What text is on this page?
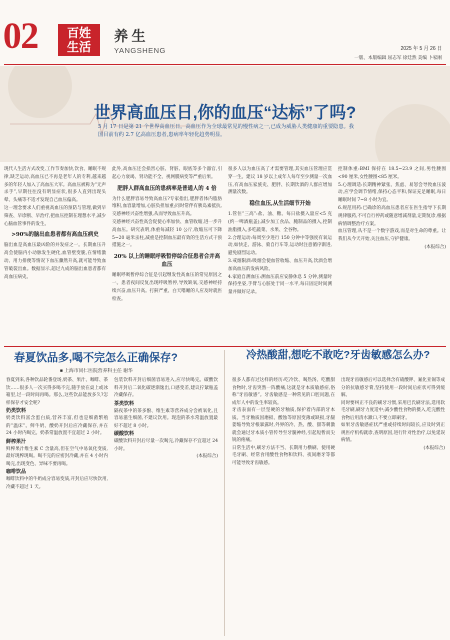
02	百姓
生活
养 生
YANGSHENG	2025 年 5 月 26 日
一版、本版编辑 屈志军 徐廷然 美编 卜家刚
世界高血压日,你的血压“达标”了吗?
5 月 17 日是第 21 个世界高血压日。高血压作为全球最常见的慢性病之一,已成为威胁人类健康的重要隐患。我国目前有约 2.7 亿高血压患者,患病率年轻化趋势明显。

现代人生活方式改变,工作节奏加快,饮食、睡眠不规律,缺乏运动,高血压已不再是老年人的专利,越来越多的年轻人加入了高血压大军。高血压被称为“无声杀手”,早期往往没有明显症状,很多人直到出现头晕、头痛等不适才发现自己血压偏高。

这一理念要求人们重视高血压的预防与管理,做到早筛查、早诊断、早治疗,把血压控制在理想水平,减少心脑血管事件的发生。

>90%的脑出血患者都有高血压病史

脑出血是高血压最凶险的并发症之一。长期血压升高会使脑内小动脉发生硬化,血管壁变脆,在情绪激动、用力排便等情况下血压骤然升高,就可能导致血管破裂出血。数据显示,超过九成的脑出血患者都有高血压病史。

此外,高血压还会损害心脏、肾脏、眼底等多个器官,引起心力衰竭、肾功能不全、视网膜病变等严重后果。

肥胖人群高血压的患病率是普通人的 4 倍

为什么肥胖容易导致高血压?专家指出,肥胖者体内脂肪堆积,血容量增加,心脏负担加重;同时常伴有胰岛素抵抗,交感神经兴奋性增强,从而导致血压升高。

交感神经兴奋性高会促使心率加快、血管收缩,进一步升高血压。研究表明,体重每减轻 10 公斤,收缩压可下降 5~20 毫米汞柱,减重是控制血压最有效的生活方式干预措施之一。

20% 以上的睡眠呼吸暂停综合征患者合并高血压

睡眠呼吸暂停综合征是引起继发性高血压的常见原因之一。患者夜间反复出现呼吸暂停,导致缺氧,交感神经持续兴奋,血压升高。打鼾严重、白天嗜睡的人应及时就医检查。

很多人以为血压高了才需要管理,其实血压管理应贯穿一生。建议 18 岁以上成年人每年至少测量一次血压,有高血压家族史、肥胖、长期饮酒的人群应增加测量次数。

稳住血压,从生活细节开始

1.管住“三高”:盐、油、糖。每日盐摄入量应<5 克(约一啤酒瓶盖),减少加工食品、腌制品的摄入,控制油脂摄入,多吃蔬菜、水果、全谷物。

2.合理运动:每周至少进行 150 分钟中等强度有氧运动,如快走、游泳、骑自行车等,运动时注意循序渐进,避免剧烈运动。

3.戒烟限酒:吸烟会使血管收缩、血压升高,饮酒会增加高血压的发病风险。

4.家庭自测血压:测血压前应安静休息 5 分钟,测量时保持坐姿,手臂与心脏处于同一水平,每日固定时间测量并做好记录。

控制体重:BMI 保持在 18.5~23.9 之间,男性腰围<90 厘米,女性腰围<85 厘米。

5.心理调适:长期精神紧张、焦虑、易怒会导致血压波动,应学会调节情绪,保持心态平和,保证充足睡眠,每日睡眠时间 7~8 小时为宜。

6.规范用药:已确诊的高血压患者应在医生指导下长期规律服药,不可自行停药或随意增减剂量,定期复诊,根据病情调整治疗方案。

血压管理,从不是一个数字游戏,而是对生命的尊重。让我们从今天开始,关注血压,守护健康。

(本报综合)
春夏饮品多,喝不完怎么正确保存?
■ 上海市同仁医院营养科主任 谢华

春夏到来,各种饮品轮番登场,奶茶、果汁、咖啡、茶饮……很多人一次买得多喝不完,随手放在桌上或冰箱里,过一段时间再喝。那么,这些饮品能放多久?怎样保存才安全呢?

奶类饮料

奶类饮料富含蛋白质,营养丰富,但也是细菌繁殖的“温床”。鲜牛奶、酸奶开封后应冷藏保存,并在 24 小时内喝完。奶茶常温放置不宜超过 2 小时。

鲜榨果汁

鲜榨果汁维生素 C 含量高,但在空气中易氧化变质,最好现榨现喝。喝不完的应密封冷藏,并在 4 小时内喝完,出现变色、异味不要再喝。

咖啡饮品

咖啡饮料中的牛奶成分容易变质,开封后应尽快饮用,冷藏不超过 1 天。

包装饮料开封后细菌容易进入,应尽快喝完。碳酸饮料开封后二氧化碳逐渐逸出,口感变差,建议拧紧瓶盖冷藏保存。

茶类饮料

隔夜茶中的茶多酚、维生素等营养成分会被氧化,且容易滋生细菌,不建议饮用。现泡的茶水常温放置最好不超过 8 小时。

碳酸饮料

碳酸饮料开封后尽量一次喝完,冷藏保存不宜超过 24 小时。

(本报综合)
冷热酸甜,想吃不敢吃?牙齿敏感怎么办?

很多人都有过这样的经历:吃冷饮、喝热汤、吃酸甜食物时,牙齿突然一阵酸痛,这就是牙本质敏感症,俗称“牙齿敏感”。牙齿敏感是一种常见的口腔问题,在成年人中的发生率较高。

牙齿表面有一层坚硬的牙釉质,保护着内部的牙本质。当牙釉质因磨损、酸蚀等原因变薄或缺损,牙龈萎缩导致牙根暴露时,外界的冷、热、酸、甜等刺激就会通过牙本质小管传导至牙髓神经,引起短暂而尖锐的疼痛。

日常生活中,刷牙方法不当、长期用力横刷、使用硬毛牙刷、经常食用酸性食物和饮料、夜间磨牙等都可能导致牙齿敏感。

出现牙齿敏感后可以选择含有硝酸钾、氟化亚锡等成分的抗敏感牙膏,坚持使用一段时间后症状可得到缓解。

同时要纠正不良的刷牙习惯,采用巴氏刷牙法,选用软毛牙刷,刷牙力度适中;减少酸性食物的摄入,吃完酸性食物后用清水漱口,不要立即刷牙。

如果牙齿敏感症状严重或持续时间较长,应及时到正规医疗机构就诊,查明原因,进行针对性治疗,以免延误病情。

(本报综合)
